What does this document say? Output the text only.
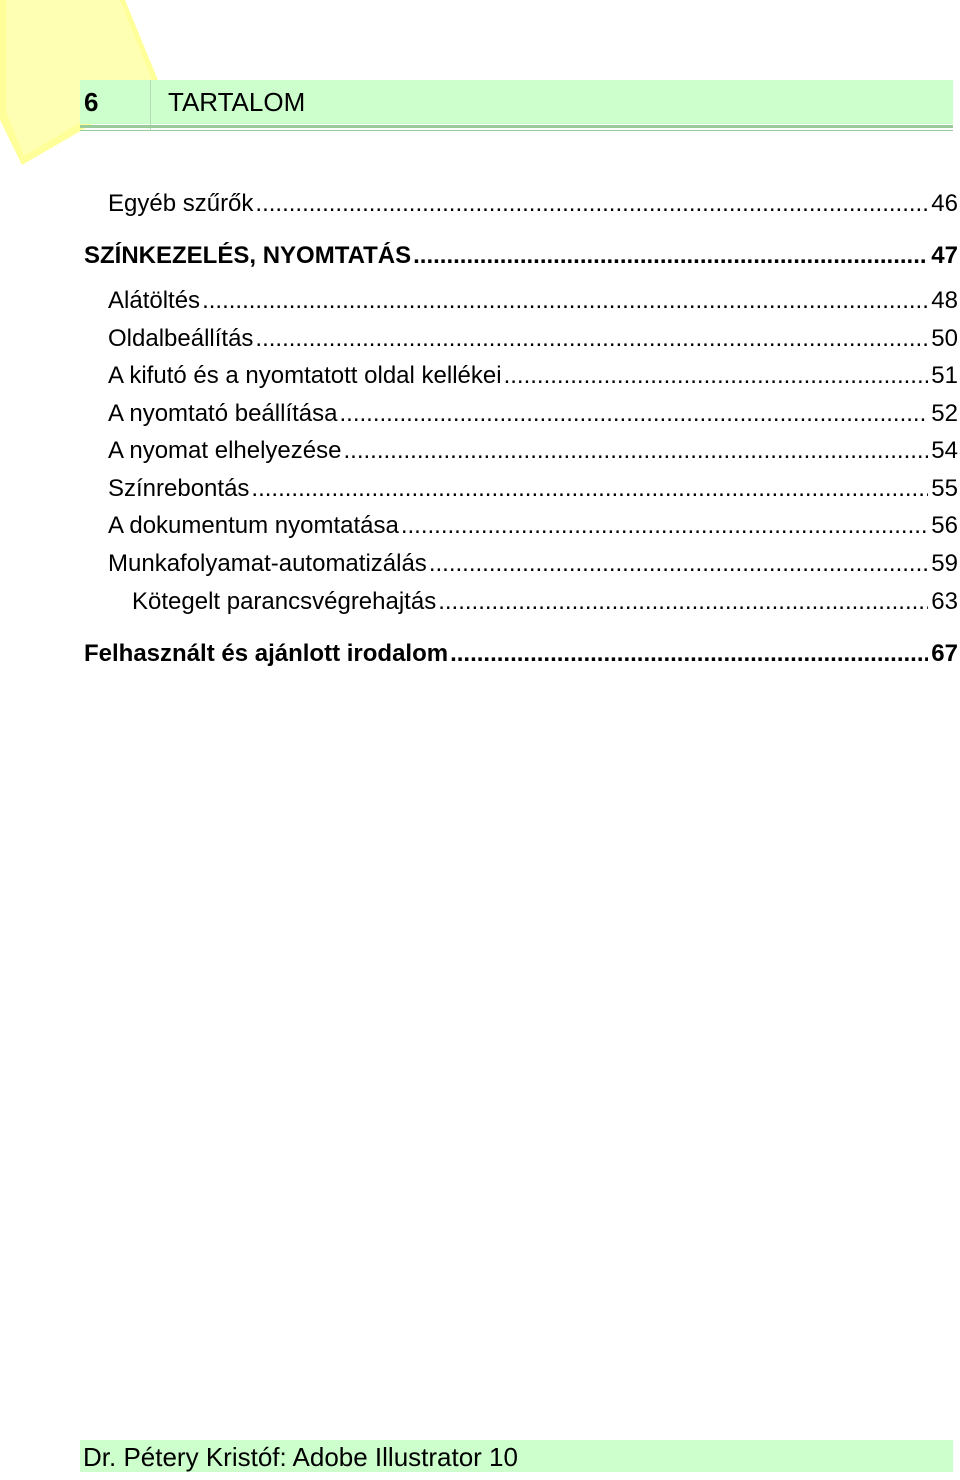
6	TARTALOM
Egyéb szűrők .....	46
SZÍNKEZELÉS, NYOMTATÁS .....	47
Alátöltés .....	48
Oldalbeállítás .....	50
A kifutó és a nyomtatott oldal kellékei .....	51
A nyomtató beállítása .....	52
A nyomat elhelyezése .....	54
Színrebontás .....	55
A dokumentum nyomtatása .....	56
Munkafolyamat-automatizálás .....	59
Kötegelt parancsvégrehajtás .....	63
Felhasznált és ajánlott irodalom .....	67
Dr. Pétery Kristóf: Adobe Illustrator 10
